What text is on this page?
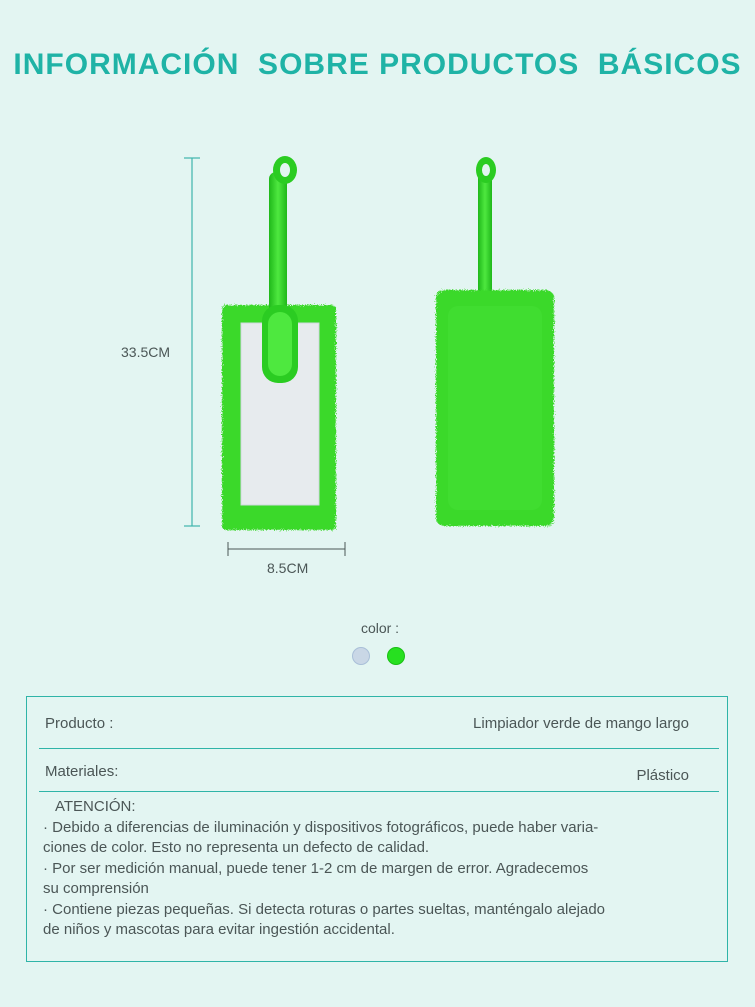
INFORMACIÓN  SOBRE PRODUCTOS  BÁSICOS
33.5CM
8.5CM
color :
Producto :	Limpiador verde de mango largo
Materiales:	Plástico
ATENCIÓN:
· Debido a diferencias de iluminación y dispositivos fotográficos, puede haber varia-
ciones de color. Esto no representa un defecto de calidad.
· Por ser medición manual, puede tener 1-2 cm de margen de error. Agradecemos
su comprensión
· Contiene piezas pequeñas. Si detecta roturas o partes sueltas, manténgalo alejado
de niños y mascotas para evitar ingestión accidental.
